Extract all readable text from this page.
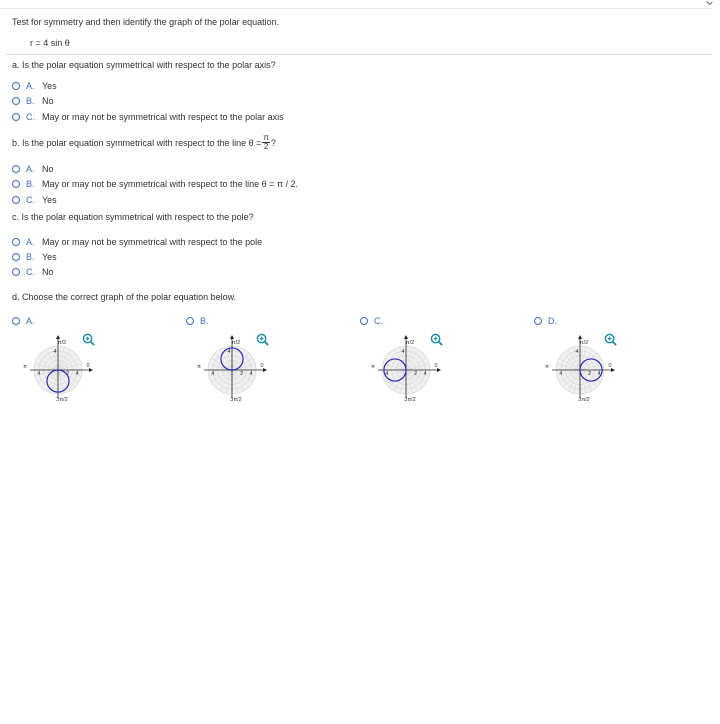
Test for symmetry and then identify the graph of the polar equation.
r = 4 sin θ
a. Is the polar equation symmetrical with respect to the polar axis?
A. Yes
B. No
C. May or may not be symmetrical with respect to the polar axis
b. Is the polar equation symmetrical with respect to the line $\theta = \frac{\pi}{2}$ ?
A. No
B. May or may not be symmetrical with respect to the line θ = π / 2.
C. Yes
c. Is the polar equation symmetrical with respect to the pole?
A. May or may not be symmetrical with respect to the pole
B. Yes
C. No
d. Choose the correct graph of the polar equation below.
A.	B.	C.	D.
π/2
π	0
3π/2
4
2
4
4
π/2
π	0
3π/2
4
2
4
4
π/2
π	0
3π/2
4
2
4
4
π/2
π	0
3π/2
4
2
4
4
